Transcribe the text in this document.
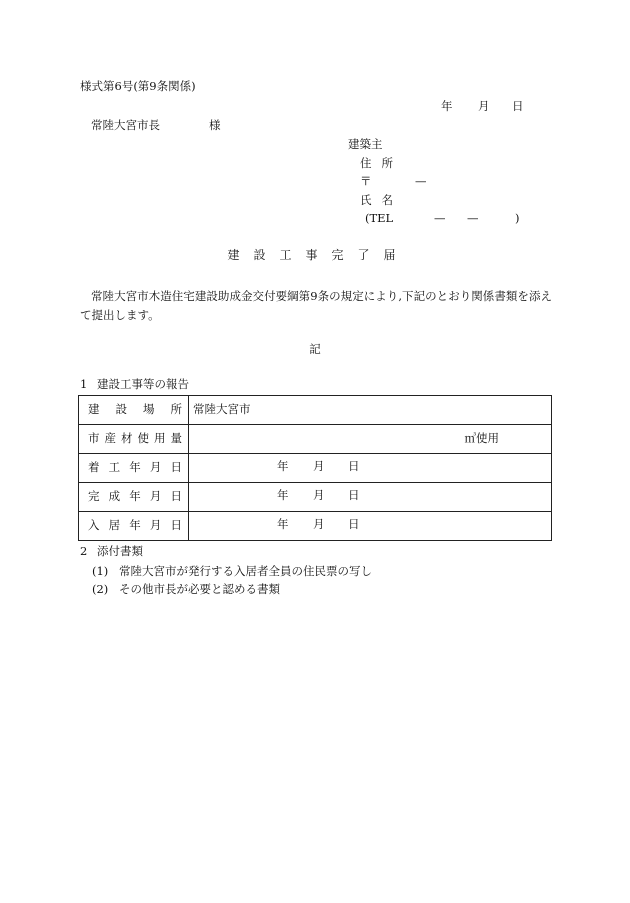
様式第6号(第9条関係)
年 月 日
常陸大宮市長	様
建築主
住所
〒	—
氏名
(TEL	— —	)
建設工事完了届
常陸大宮市木造住宅建設助成金交付要綱第9条の規定により,下記のとおり関係書類を添えて提出します。
記
1 建設工事等の報告
建設場所	常陸大宮市
市産材使用量	㎥使用

着工年月日	年 月 日

完成年月日	年 月 日

入居年月日	年 月 日
2 添付書類
(1) 常陸大宮市が発行する入居者全員の住民票の写し
(2) その他市長が必要と認める書類
